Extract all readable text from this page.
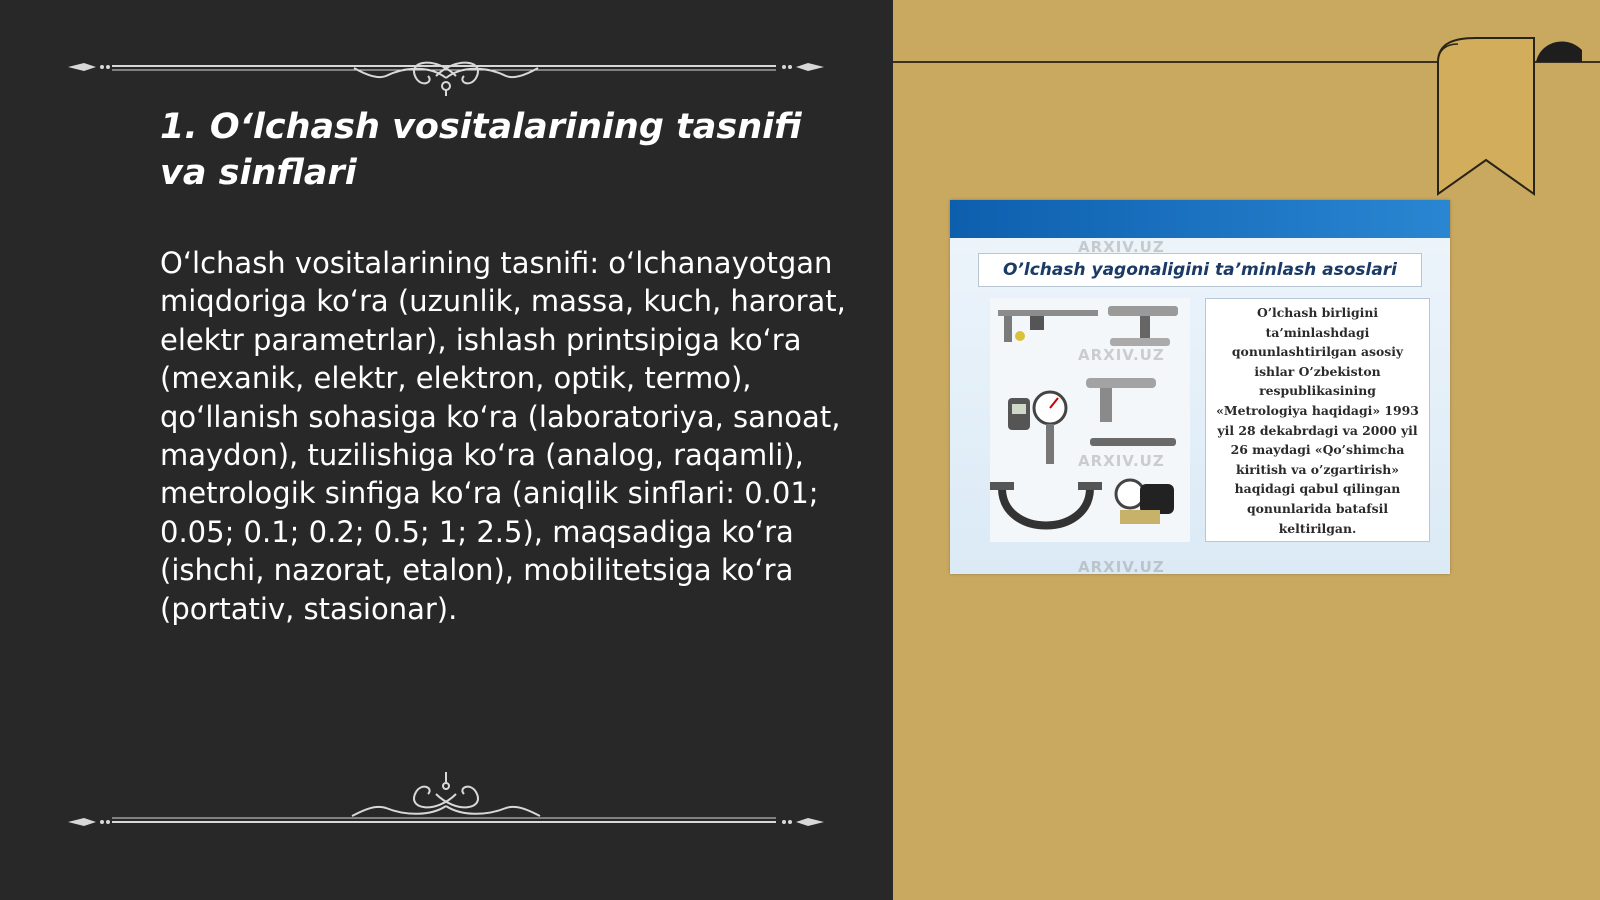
1. O‘lchash vositalarining tasnifi va sinflari

O‘lchash vositalarining tasnifi: o‘lchanayotgan miqdoriga ko‘ra (uzunlik, massa, kuch, harorat, elektr parametrlar), ishlash printsipiga ko‘ra (mexanik, elektr, elektron, optik, termo), qo‘llanish sohasiga ko‘ra (laboratoriya, sanoat, maydon), tuzilishiga ko‘ra (analog, raqamli), metrologik sinfiga ko‘ra (aniqlik sinflari: 0.01; 0.05; 0.1; 0.2; 0.5; 1; 2.5), maqsadiga ko‘ra (ishchi, nazorat, etalon), mobilitetsiga ko‘ra (portativ, stasionar).

O’lchash yagonaligini ta’minlash asoslari
O’lchash birligini ta’minlashdagi qonunlashtirilgan asosiy ishlar O’zbekiston respublikasining «Metrologiya haqidagi» 1993 yil 28 dekabrdagi va 2000 yil 26 maydagi «Qo’shimcha kiritish va o’zgartirish» haqidagi qabul qilingan qonunlarida batafsil keltirilgan.
ARXIV.UZ
ARXIV.UZ
ARXIV.UZ
ARXIV.UZ
